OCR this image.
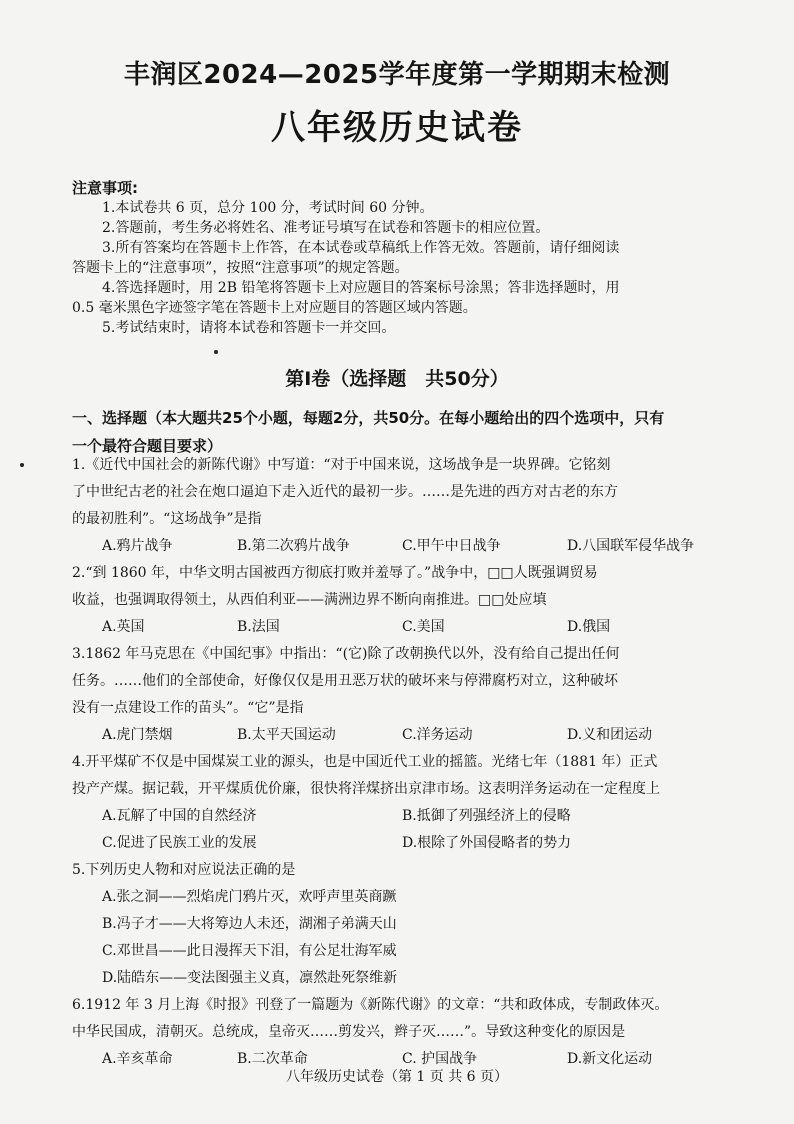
丰润区2024—2025学年度第一学期期末检测
八年级历史试卷
注意事项:
1.本试卷共 6 页，总分 100 分，考试时间 60 分钟。
2.答题前，考生务必将姓名、准考证号填写在试卷和答题卡的相应位置。
3.所有答案均在答题卡上作答，在本试卷或草稿纸上作答无效。答题前，请仔细阅读
答题卡上的“注意事项”，按照“注意事项”的规定答题。
4.答选择题时，用 2B 铅笔将答题卡上对应题目的答案标号涂黑；答非选择题时，用
0.5 毫米黑色字迹签字笔在答题卡上对应题目的答题区域内答题。
5.考试结束时，请将本试卷和答题卡一并交回。
第Ⅰ卷（选择题　共50分）
一、选择题（本大题共25个小题，每题2分，共50分。在每小题给出的四个选项中，只有
一个最符合题目要求）
1.《近代中国社会的新陈代谢》中写道：“对于中国来说，这场战争是一块界碑。它铭刻
了中世纪古老的社会在炮口逼迫下走入近代的最初一步。……是先进的西方对古老的东方
的最初胜利”。“这场战争”是指
A.鸦片战争	B.第二次鸦片战争	C.甲午中日战争	D.八国联军侵华战争
2.“到 1860 年，中华文明古国被西方彻底打败并羞辱了。”战争中，□□人既强调贸易
收益，也强调取得领土，从西伯利亚——满洲边界不断向南推进。□□处应填
A.英国	B.法国	C.美国	D.俄国
3.1862 年马克思在《中国纪事》中指出：“(它)除了改朝换代以外，没有给自己提出任何
任务。……他们的全部使命，好像仅仅是用丑恶万状的破坏来与停滞腐朽对立，这种破坏
没有一点建设工作的苗头”。“它”是指
A.虎门禁烟	B.太平天国运动	C.洋务运动	D.义和团运动
4.开平煤矿不仅是中国煤炭工业的源头，也是中国近代工业的摇篮。光绪七年（1881 年）正式
投产产煤。据记载，开平煤质优价廉，很快将洋煤挤出京津市场。这表明洋务运动在一定程度上
A.瓦解了中国的自然经济	B.抵御了列强经济上的侵略
C.促进了民族工业的发展	D.根除了外国侵略者的势力
5.下列历史人物和对应说法正确的是
A.张之洞——烈焰虎门鸦片灭，欢呼声里英商蹶
B.冯子才——大将筹边人未还，湖湘子弟满天山
C.邓世昌——此日漫挥天下泪，有公足壮海军威
D.陆皓东——变法图强主义真，凛然赴死祭维新
6.1912 年 3 月上海《时报》刊登了一篇题为《新陈代谢》的文章：“共和政体成，专制政体灭。
中华民国成，清朝灭。总统成，皇帝灭……剪发兴，辫子灭……”。导致这种变化的原因是
A.辛亥革命	B.二次革命	C. 护国战争	D.新文化运动
八年级历史试卷（第 1 页 共 6 页）
